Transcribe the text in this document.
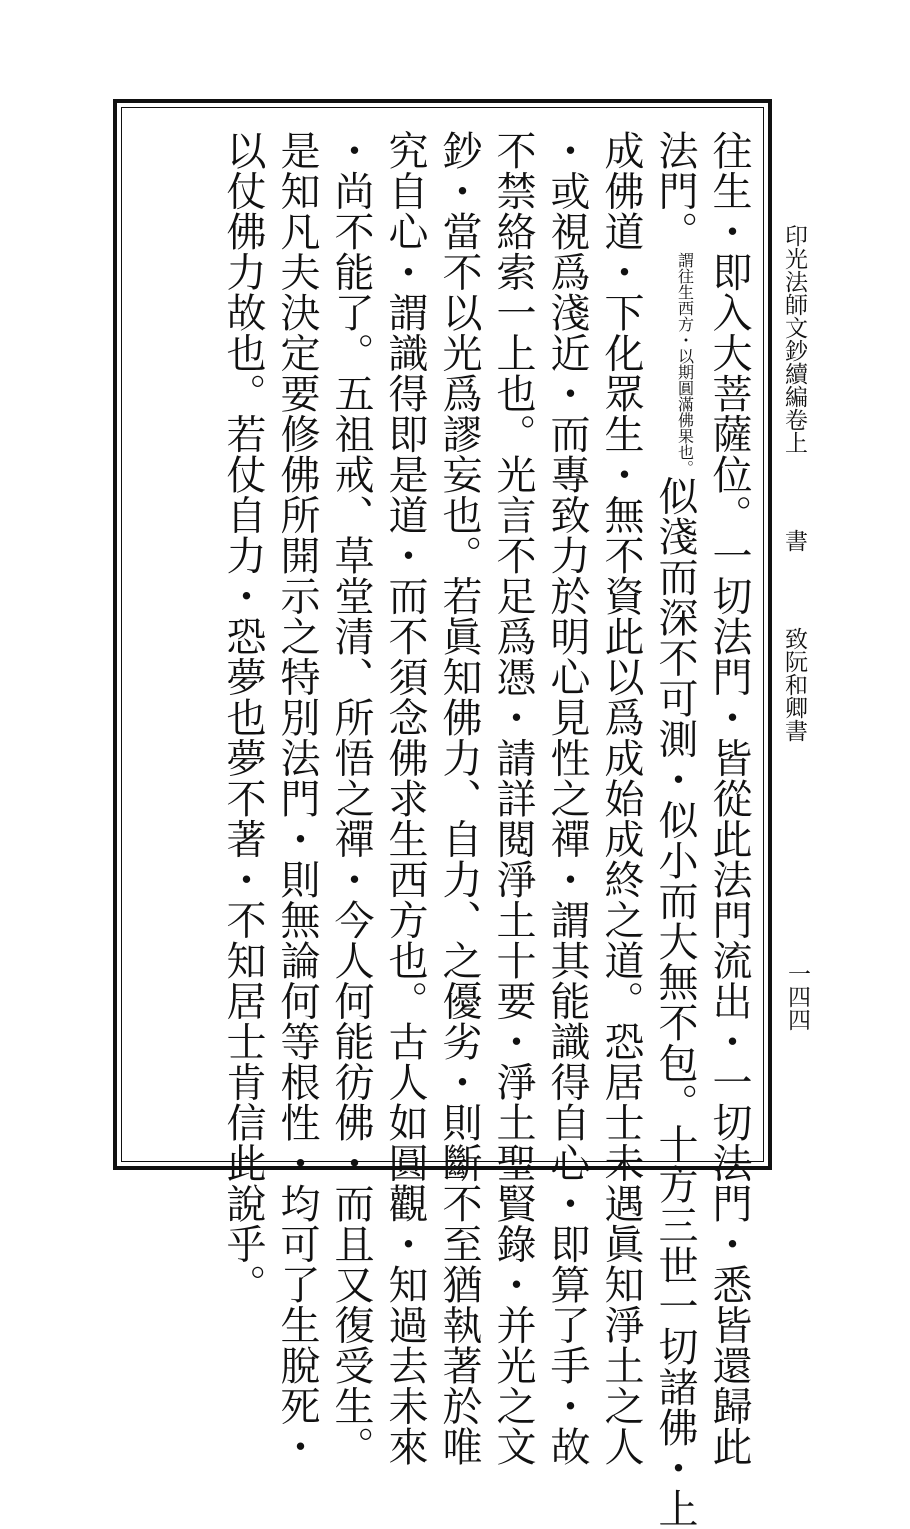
印光法師文鈔續編卷上 　 書 　 致阮和卿書
一四四
往生・即入大菩薩位。一切法門・皆從此法門流出・一切法門・悉皆還歸此
法門。謂往生西方・以期圓滿佛果也。似淺而深不可測・似小而大無不包。十方三世一切諸佛・上
成佛道・下化眾生・無不資此以爲成始成終之道。恐居士未遇眞知淨土之人
・或視爲淺近・而專致力於明心見性之禪・謂其能識得自心・即算了手・故
不禁絡索一上也。光言不足爲憑・請詳閱淨土十要・淨土聖賢錄・并光之文
鈔・當不以光爲謬妄也。若眞知佛力、自力、之優劣・則斷不至猶執著於唯
究自心・謂識得即是道・而不須念佛求生西方也。古人如圓觀・知過去未來
・尚不能了。五祖戒、草堂清、所悟之禪・今人何能彷佛・而且又復受生。
是知凡夫決定要修佛所開示之特別法門・則無論何等根性・均可了生脫死・
以仗佛力故也。若仗自力・恐夢也夢不著・不知居士肯信此說乎。
